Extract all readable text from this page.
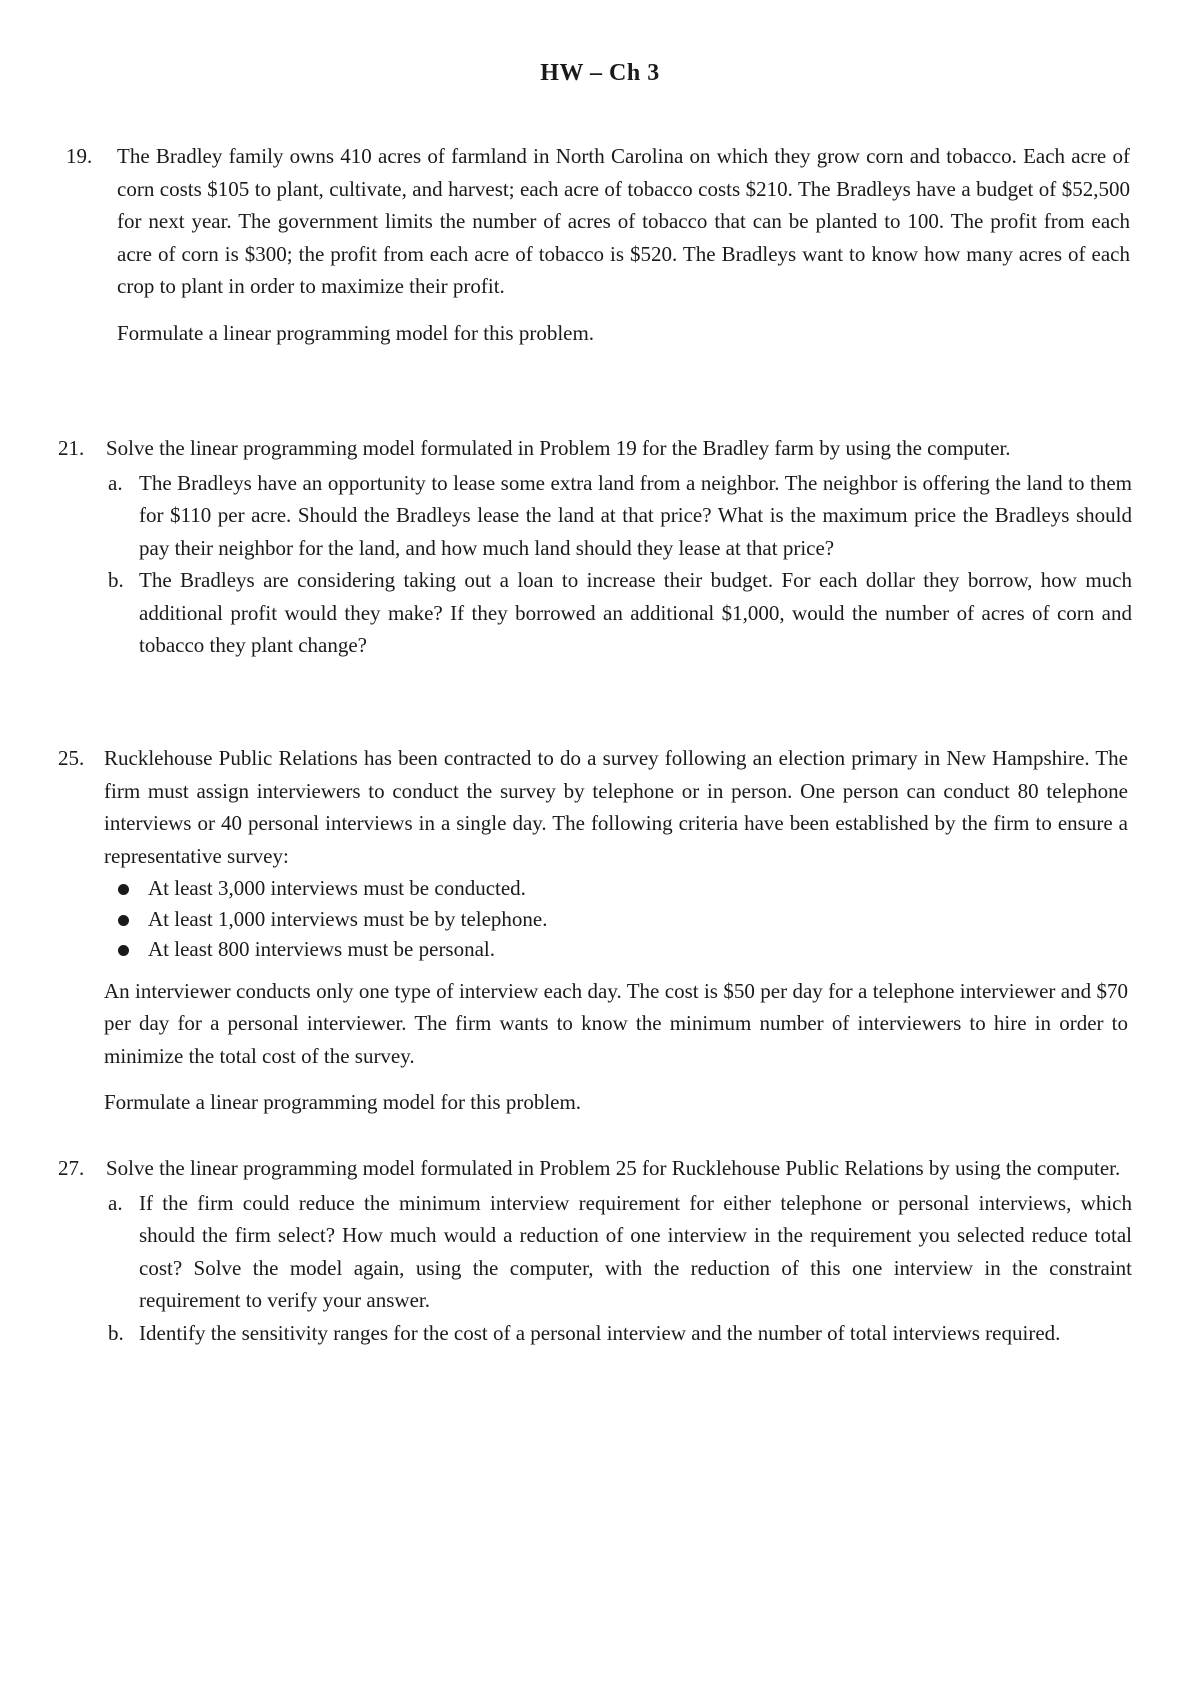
HW – Ch 3
19.	The Bradley family owns 410 acres of farmland in North Carolina on which they grow corn and tobacco. Each acre of corn costs $105 to plant, cultivate, and harvest; each acre of tobacco costs $210. The Bradleys have a budget of $52,500 for next year. The government limits the number of acres of tobacco that can be planted to 100. The profit from each acre of corn is $300; the profit from each acre of tobacco is $520. The Bradleys want to know how many acres of each crop to plant in order to maximize their profit.

Formulate a linear programming model for this problem.

21.	Solve the linear programming model formulated in Problem 19 for the Bradley farm by using the computer.

a. The Bradleys have an opportunity to lease some extra land from a neighbor. The neighbor is offering the land to them for $110 per acre. Should the Bradleys lease the land at that price? What is the maximum price the Bradleys should pay their neighbor for the land, and how much land should they lease at that price?
b. The Bradleys are considering taking out a loan to increase their budget. For each dollar they borrow, how much additional profit would they make? If they borrowed an additional $1,000, would the number of acres of corn and tobacco they plant change?
25. Rucklehouse Public Relations has been contracted to do a survey following an election primary in New Hampshire. The firm must assign interviewers to conduct the survey by telephone or in person. One person can conduct 80 telephone interviews or 40 personal interviews in a single day. The following criteria have been established by the firm to ensure a representative survey:

At least 3,000 interviews must be conducted.
At least 1,000 interviews must be by telephone.
At least 800 interviews must be personal.

An interviewer conducts only one type of interview each day. The cost is $50 per day for a telephone interviewer and $70 per day for a personal interviewer. The firm wants to know the minimum number of interviewers to hire in order to minimize the total cost of the survey.

Formulate a linear programming model for this problem.

27.	Solve the linear programming model formulated in Problem 25 for Rucklehouse Public Relations by using the computer.

a. If the firm could reduce the minimum interview requirement for either telephone or personal interviews, which should the firm select? How much would a reduction of one interview in the requirement you selected reduce total cost? Solve the model again, using the computer, with the reduction of this one interview in the constraint requirement to verify your answer.
b. Identify the sensitivity ranges for the cost of a personal interview and the number of total interviews required.
